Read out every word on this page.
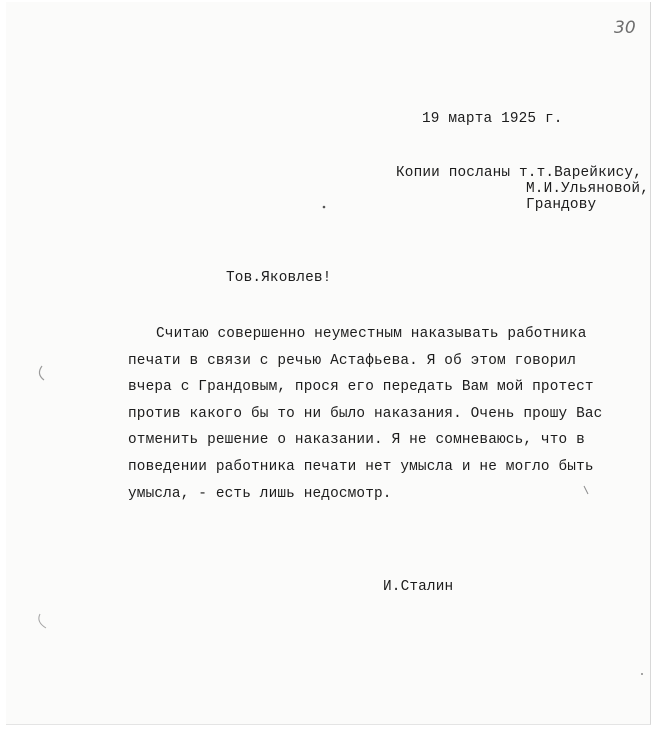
30
19 марта 1925 г.
Копии посланы т.т.Варейкису,
М.И.Ульяновой,
Грандову
Тов.Яковлев!
Считаю совершенно неуместным наказывать работника
печати в связи с речью Астафьева. Я об этом говорил
вчера с Грандовым, прося его передать Вам мой протест
против какого бы то ни было наказания. Очень прошу Вас
отменить решение о наказании. Я не сомневаюсь, что в
поведении работника печати нет умысла и не могло быть
умысла, - есть лишь недосмотр.
И.Сталин
